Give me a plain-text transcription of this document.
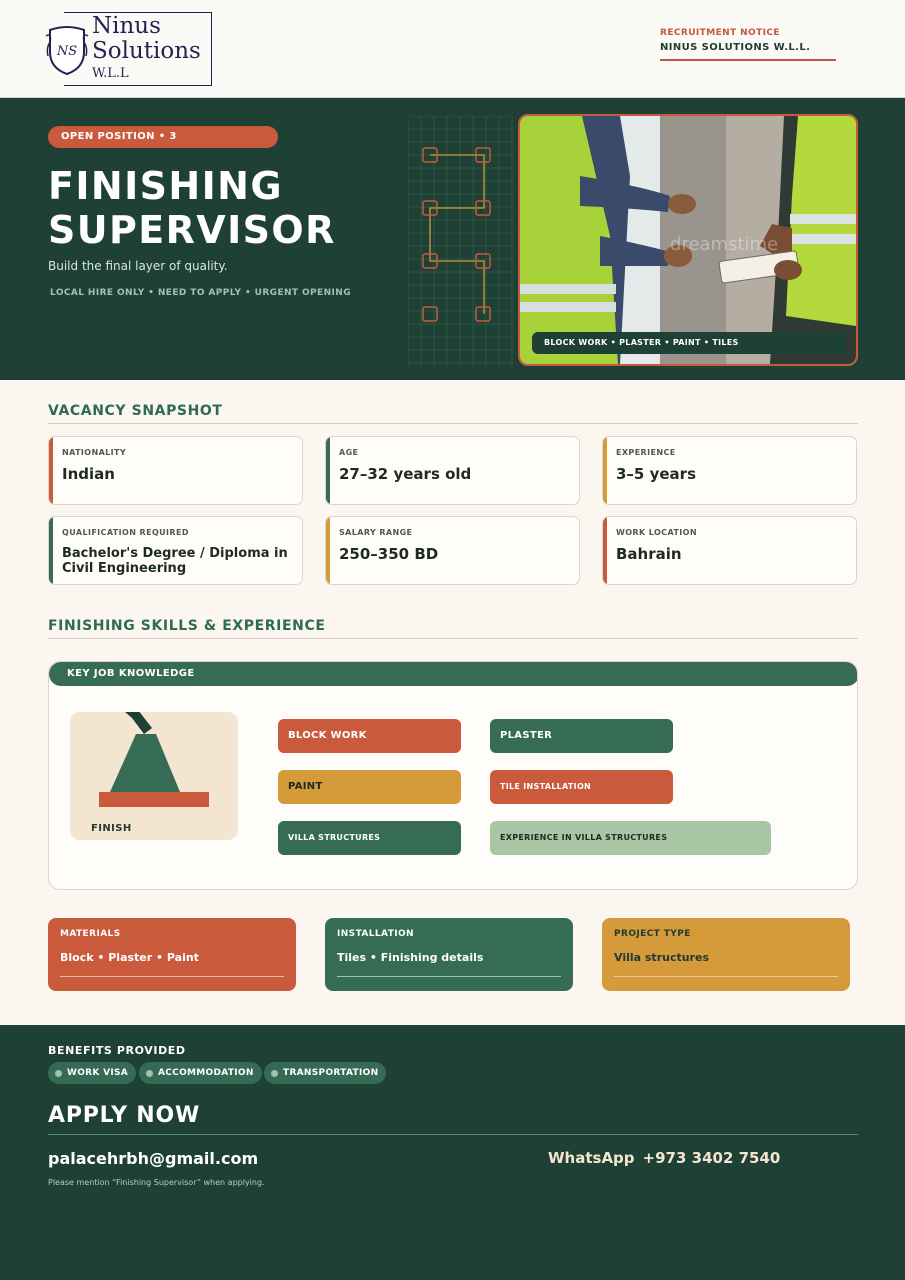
NS
Ninus
Solutions
W.L.L
RECRUITMENT NOTICE
NINUS SOLUTIONS W.L.L.
OPEN POSITION • 3
FINISHING
SUPERVISOR
Build the final layer of quality.
LOCAL HIRE ONLY • NEED TO APPLY • URGENT OPENING
dreamstime
BLOCK WORK • PLASTER • PAINT • TILES
VACANCY SNAPSHOT
NATIONALITY
Indian
AGE
27–32 years old
EXPERIENCE
3–5 years
QUALIFICATION REQUIRED
Bachelor's Degree / Diploma in Civil Engineering
SALARY RANGE
250–350 BD
WORK LOCATION
Bahrain
FINISHING SKILLS & EXPERIENCE
KEY JOB KNOWLEDGE
FINISH
BLOCK WORK	PLASTER
PAINT	TILE INSTALLATION
VILLA STRUCTURES	EXPERIENCE IN VILLA STRUCTURES
MATERIALS
Block • Plaster • Paint
INSTALLATION
Tiles • Finishing details
PROJECT TYPE
Villa structures
BENEFITS PROVIDED
WORK VISA	ACCOMMODATION	TRANSPORTATION
APPLY NOW
palacehrbh@gmail.com	WhatsApp +973 3402 7540
Please mention “Finishing Supervisor” when applying.
